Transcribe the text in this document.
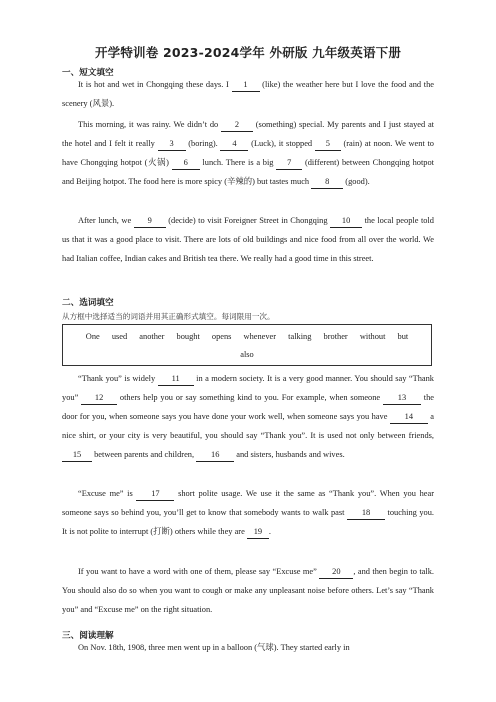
开学特训卷 2023-2024学年 外研版 九年级英语下册
一、短文填空
It is hot and wet in Chongqing these days. I 1 (like) the weather here but I love the food and the scenery (风景).
This morning, it was rainy. We didn’t do 2 (something) special. My parents and I just stayed at the hotel and I felt it really 3 (boring). 4 (Luck), it stopped 5 (rain) at noon. We went to have Chongqing hotpot (火锅) 6 lunch. There is a big 7 (different) between Chongqing hotpot and Beijing hotpot. The food here is more spicy (辛辣的) but tastes much 8 (good).
After lunch, we 9 (decide) to visit Foreigner Street in Chongqing 10 the local people told us that it was a good place to visit. There are lots of old buildings and nice food from all over the world. We had Italian coffee, Indian cakes and British tea there. We really had a good time in this street.
二、选词填空
从方框中选择适当的词语并用其正确形式填空。每词限用一次。
One used another bought opens whenever talking brother without but
also
“Thank you” is widely 11 in a modern society. It is a very good manner. You should say “Thank you” 12 others help you or say something kind to you. For example, when someone 13 the door for you, when someone says you have done your work well, when someone says you have 14 a nice shirt, or your city is very beautiful, you should say “Thank you”. It is used not only between friends, 15 between parents and children, 16 and sisters, husbands and wives.
“Excuse me” is 17 short polite usage. We use it the same as “Thank you”. When you hear someone says so behind you, you’ll get to know that somebody wants to walk past 18 touching you. It is not polite to interrupt (打断) others while they are 19 .
If you want to have a word with one of them, please say “Excuse me” 20 , and then begin to talk. You should also do so when you want to cough or make any unpleasant noise before others. Let’s say “Thank you” and “Excuse me” on the right situation.
三、阅读理解
On Nov. 18th, 1908, three men went up in a balloon (气球). They started early in
